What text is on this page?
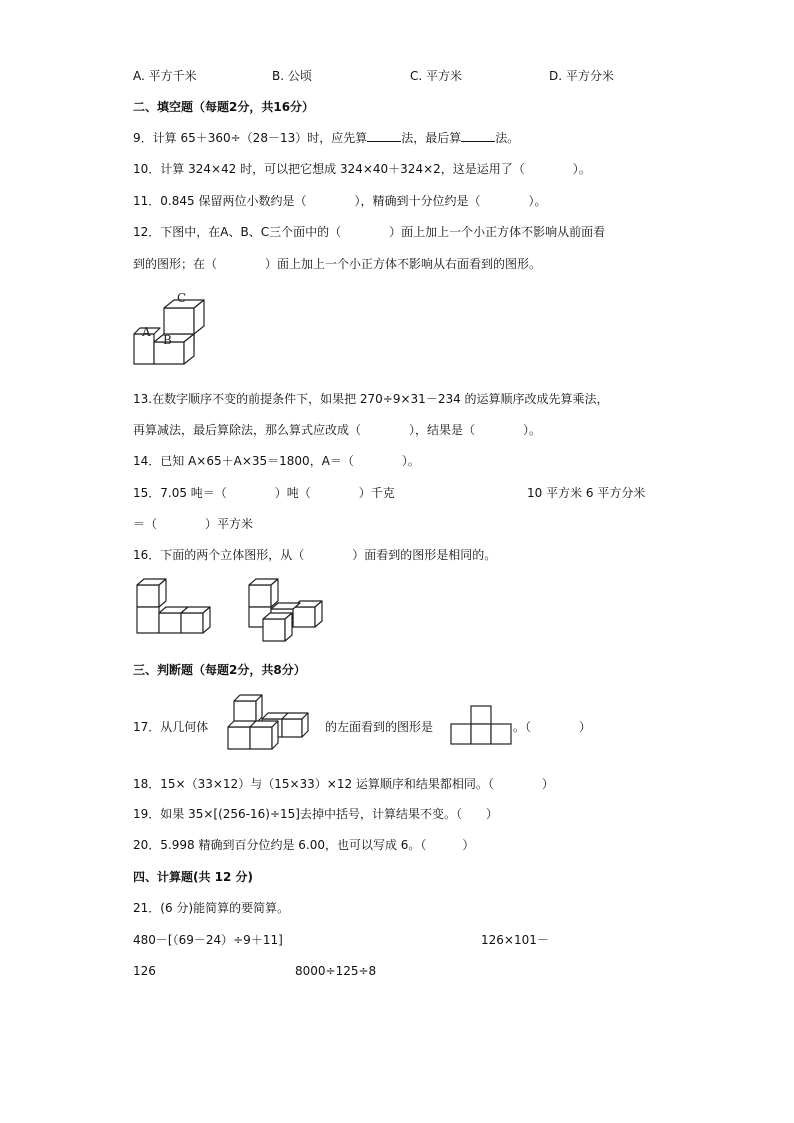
A. 平方千米	B. 公顷	C. 平方米	D. 平方分米
二、填空题（每题2分，共16分）
9．计算 65＋360÷（28－13）时，应先算	法，最后算	法。
10．计算 324×42 时，可以把它想成 324×40＋324×2，这是运用了（　　　　）。
11．0.845 保留两位小数约是（　　　　），精确到十分位约是（　　　　）。
12．下图中，在A、B、C三个面中的（　　　　）面上加上一个小正方体不影响从前面看
到的图形；在（　　　　）面上加上一个小正方体不影响从右面看到的图形。
A
B
C
13.在数字顺序不变的前提条件下，如果把 270÷9×31－234 的运算顺序改成先算乘法，
再算减法，最后算除法，那么算式应改成（　　　　），结果是（　　　　）。
14．已知 A×65＋A×35＝1800，A＝（　　　　）。
15．7.05 吨＝（　　　　）吨（　　　　）千克	10 平方米 6 平方分米
＝（　　　　）平方米
16．下面的两个立体图形，从（　　　　）面看到的图形是相同的。
三、判断题（每题2分，共8分）
17．从几何体	的左面看到的图形是	。（　　　　）
18．15×（33×12）与（15×33）×12 运算顺序和结果都相同。（　　　　）
19．如果 35×[(256-16)÷15]去掉中括号，计算结果不变。（　　）
20．5.998 精确到百分位约是 6.00，也可以写成 6。（　　　）
四、计算题(共 12 分)
21．(6 分)能简算的要简算。
480－[（69－24）÷9＋11]	126×101－
126	8000÷125÷8
